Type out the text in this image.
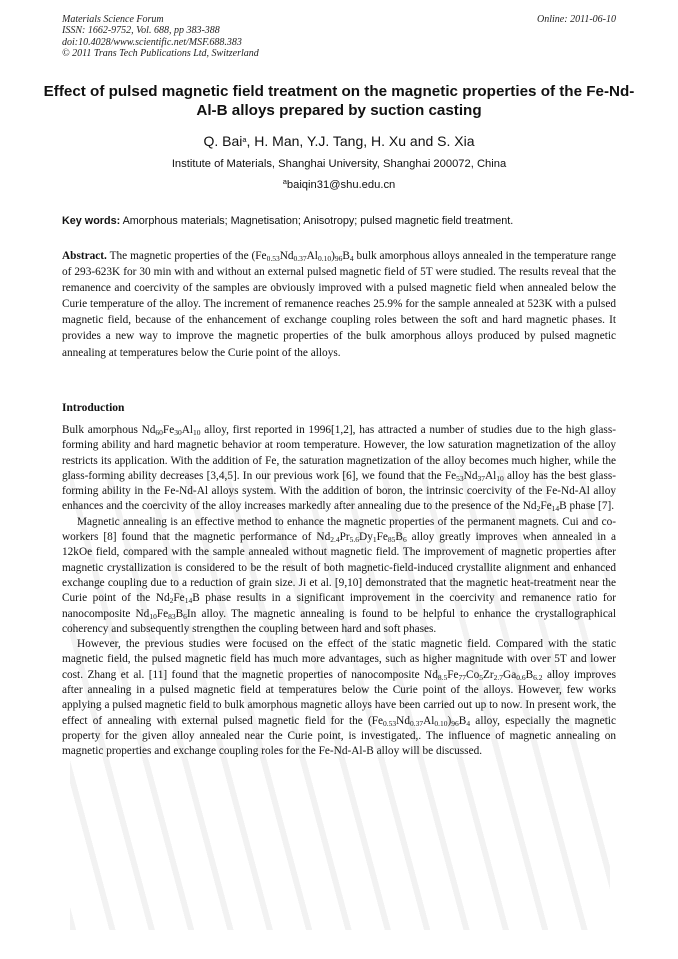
Materials Science Forum
ISSN: 1662-9752, Vol. 688, pp 383-388
doi:10.4028/www.scientific.net/MSF.688.383
© 2011 Trans Tech Publications Ltd, Switzerland
Online: 2011-06-10
Effect of pulsed magnetic field treatment on the magnetic properties of the Fe-Nd-Al-B alloys prepared by suction casting
Q. Bai$^a$, H. Man, Y.J. Tang, H. Xu and S. Xia
Institute of Materials, Shanghai University, Shanghai 200072, China
$^a$baiqin31@shu.edu.cn
Key words: Amorphous materials; Magnetisation; Anisotropy; pulsed magnetic field treatment.
Abstract. The magnetic properties of the $(Fe_{0.53}Nd_{0.37}Al_{0.10})_{96}B_4$ bulk amorphous alloys annealed in the temperature range of 293-623K for 30 min with and without an external pulsed magnetic field of 5T were studied. The results reveal that the remanence and coercivity of the samples are obviously improved with a pulsed magnetic field when annealed below the Curie temperature of the alloy. The increment of remanence reaches 25.9% for the sample annealed at 523K with a pulsed magnetic field, because of the enhancement of exchange coupling roles between the soft and hard magnetic phases. It provides a new way to improve the magnetic properties of the bulk amorphous alloys produced by pulsed magnetic annealing at temperatures below the Curie point of the alloys.
Introduction

Bulk amorphous $Nd_{60}Fe_{30}Al_{10}$ alloy, first reported in 1996[1,2], has attracted a number of studies due to the high glass-forming ability and hard magnetic behavior at room temperature. However, the low saturation magnetization of the alloy restricts its application. With the addition of Fe, the saturation magnetization of the alloy becomes much higher, while the glass-forming ability decreases [3,4,5]. In our previous work [6], we found that the $Fe_{53}Nd_{37}Al_{10}$ alloy has the best glass-forming ability in the Fe-Nd-Al alloys system. With the addition of boron, the intrinsic coercivity of the Fe-Nd-Al alloy enhances and the coercivity of the alloy increases markedly after annealing due to the presence of the $Nd_2Fe_{14}B$ phase [7].

Magnetic annealing is an effective method to enhance the magnetic properties of the permanent magnets. Cui and co-workers [8] found that the magnetic performance of $Nd_{2.4}Pr_{5.6}Dy_1Fe_{85}B_6$ alloy greatly improves when annealed in a 12kOe field, compared with the sample annealed without magnetic field. The improvement of magnetic properties after magnetic crystallization is considered to be the result of both magnetic-field-induced crystallite alignment and enhanced exchange coupling due to a reduction of grain size. Ji et al. [9,10] demonstrated that the magnetic heat-treatment near the Curie point of the $Nd_2Fe_{14}B$ phase results in a significant improvement in the coercivity and remanence ratio for nanocomposite $Nd_{10}Fe_{83}B_6In$ alloy. The magnetic annealing is found to be helpful to enhance the crystallographical coherency and subsequently strengthen the coupling between hard and soft phases.

However, the previous studies were focused on the effect of the static magnetic field. Compared with the static magnetic field, the pulsed magnetic field has much more advantages, such as higher magnitude with over 5T and lower cost. Zhang et al. [11] found that the magnetic properties of nanocomposite $Nd_{8.5}Fe_{77}Co_5Zr_{2.7}Ga_{0.6}B_{6.2}$ alloy improves after annealing in a pulsed magnetic field at temperatures below the Curie point of the alloys. However, few works applying a pulsed magnetic field to bulk amorphous magnetic alloys have been carried out up to now. In present work, the effect of annealing with external pulsed magnetic field for the $(Fe_{0.53}Nd_{0.37}Al_{0.10})_{96}B_4$ alloy, especially the magnetic property for the given alloy annealed near the Curie point, is investigated,. The influence of magnetic annealing on magnetic properties and exchange coupling roles for the Fe-Nd-Al-B alloy will be discussed.
